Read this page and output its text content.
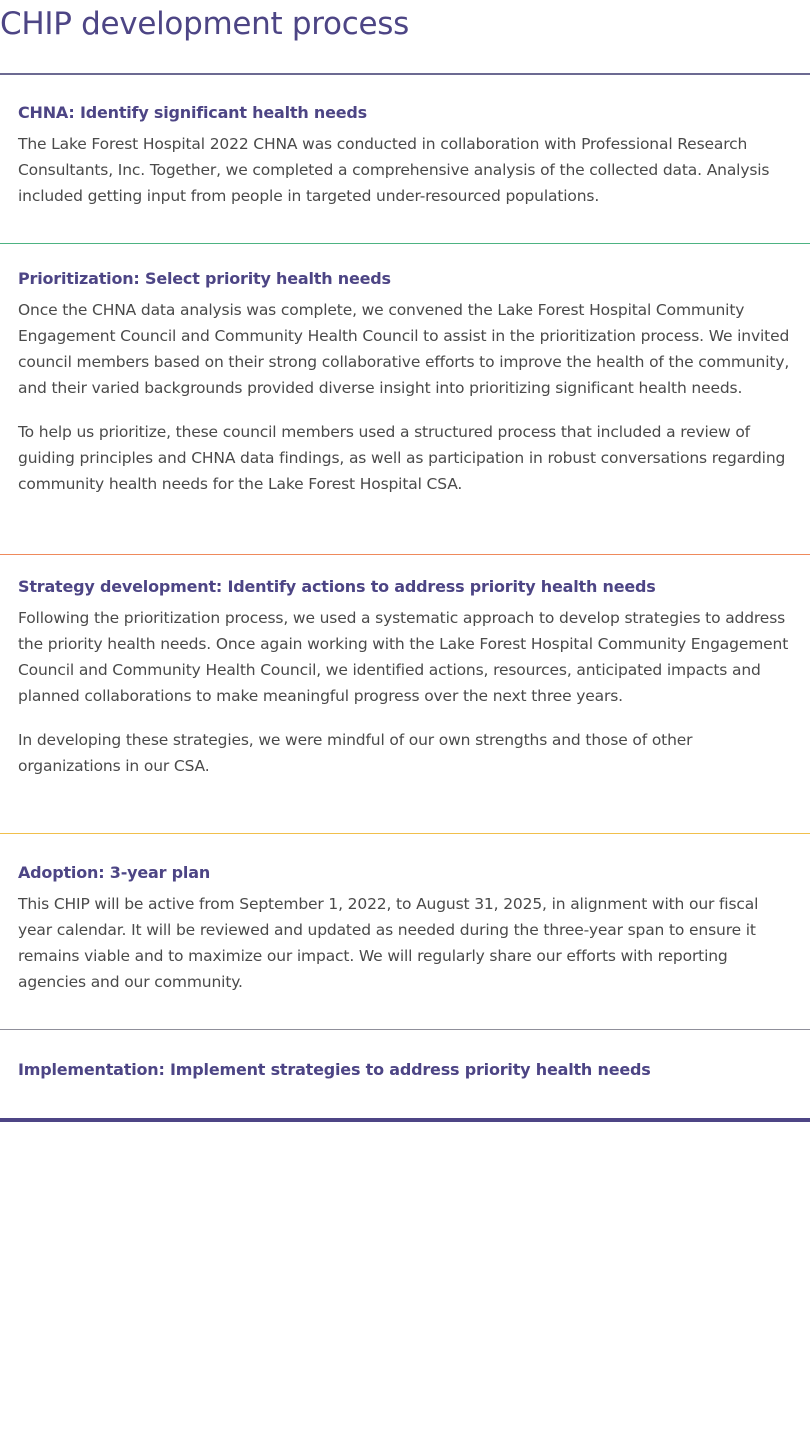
CHIP development process
CHNA: Identify significant health needs

The Lake Forest Hospital 2022 CHNA was conducted in collaboration with Professional Research Consultants, Inc. Together, we completed a comprehensive analysis of the collected data. Analysis included getting input from people in targeted under-resourced populations.

Prioritization: Select priority health needs

Once the CHNA data analysis was complete, we convened the Lake Forest Hospital Community Engagement Council and Community Health Council to assist in the prioritization process. We invited council members based on their strong collaborative efforts to improve the health of the community, and their varied backgrounds provided diverse insight into prioritizing significant health needs.

To help us prioritize, these council members used a structured process that included a review of guiding principles and CHNA data findings, as well as participation in robust conversations regarding community health needs for the Lake Forest Hospital CSA.

Strategy development: Identify actions to address priority health needs

Following the prioritization process, we used a systematic approach to develop strategies to address the priority health needs. Once again working with the Lake Forest Hospital Community Engagement Council and Community Health Council, we identified actions, resources, anticipated impacts and planned collaborations to make meaningful progress over the next three years.

In developing these strategies, we were mindful of our own strengths and those of other organizations in our CSA.

Adoption: 3-year plan

This CHIP will be active from September 1, 2022, to August 31, 2025, in alignment with our fiscal year calendar. It will be reviewed and updated as needed during the three-year span to ensure it remains viable and to maximize our impact. We will regularly share our efforts with reporting agencies and our community.

Implementation: Implement strategies to address priority health needs
